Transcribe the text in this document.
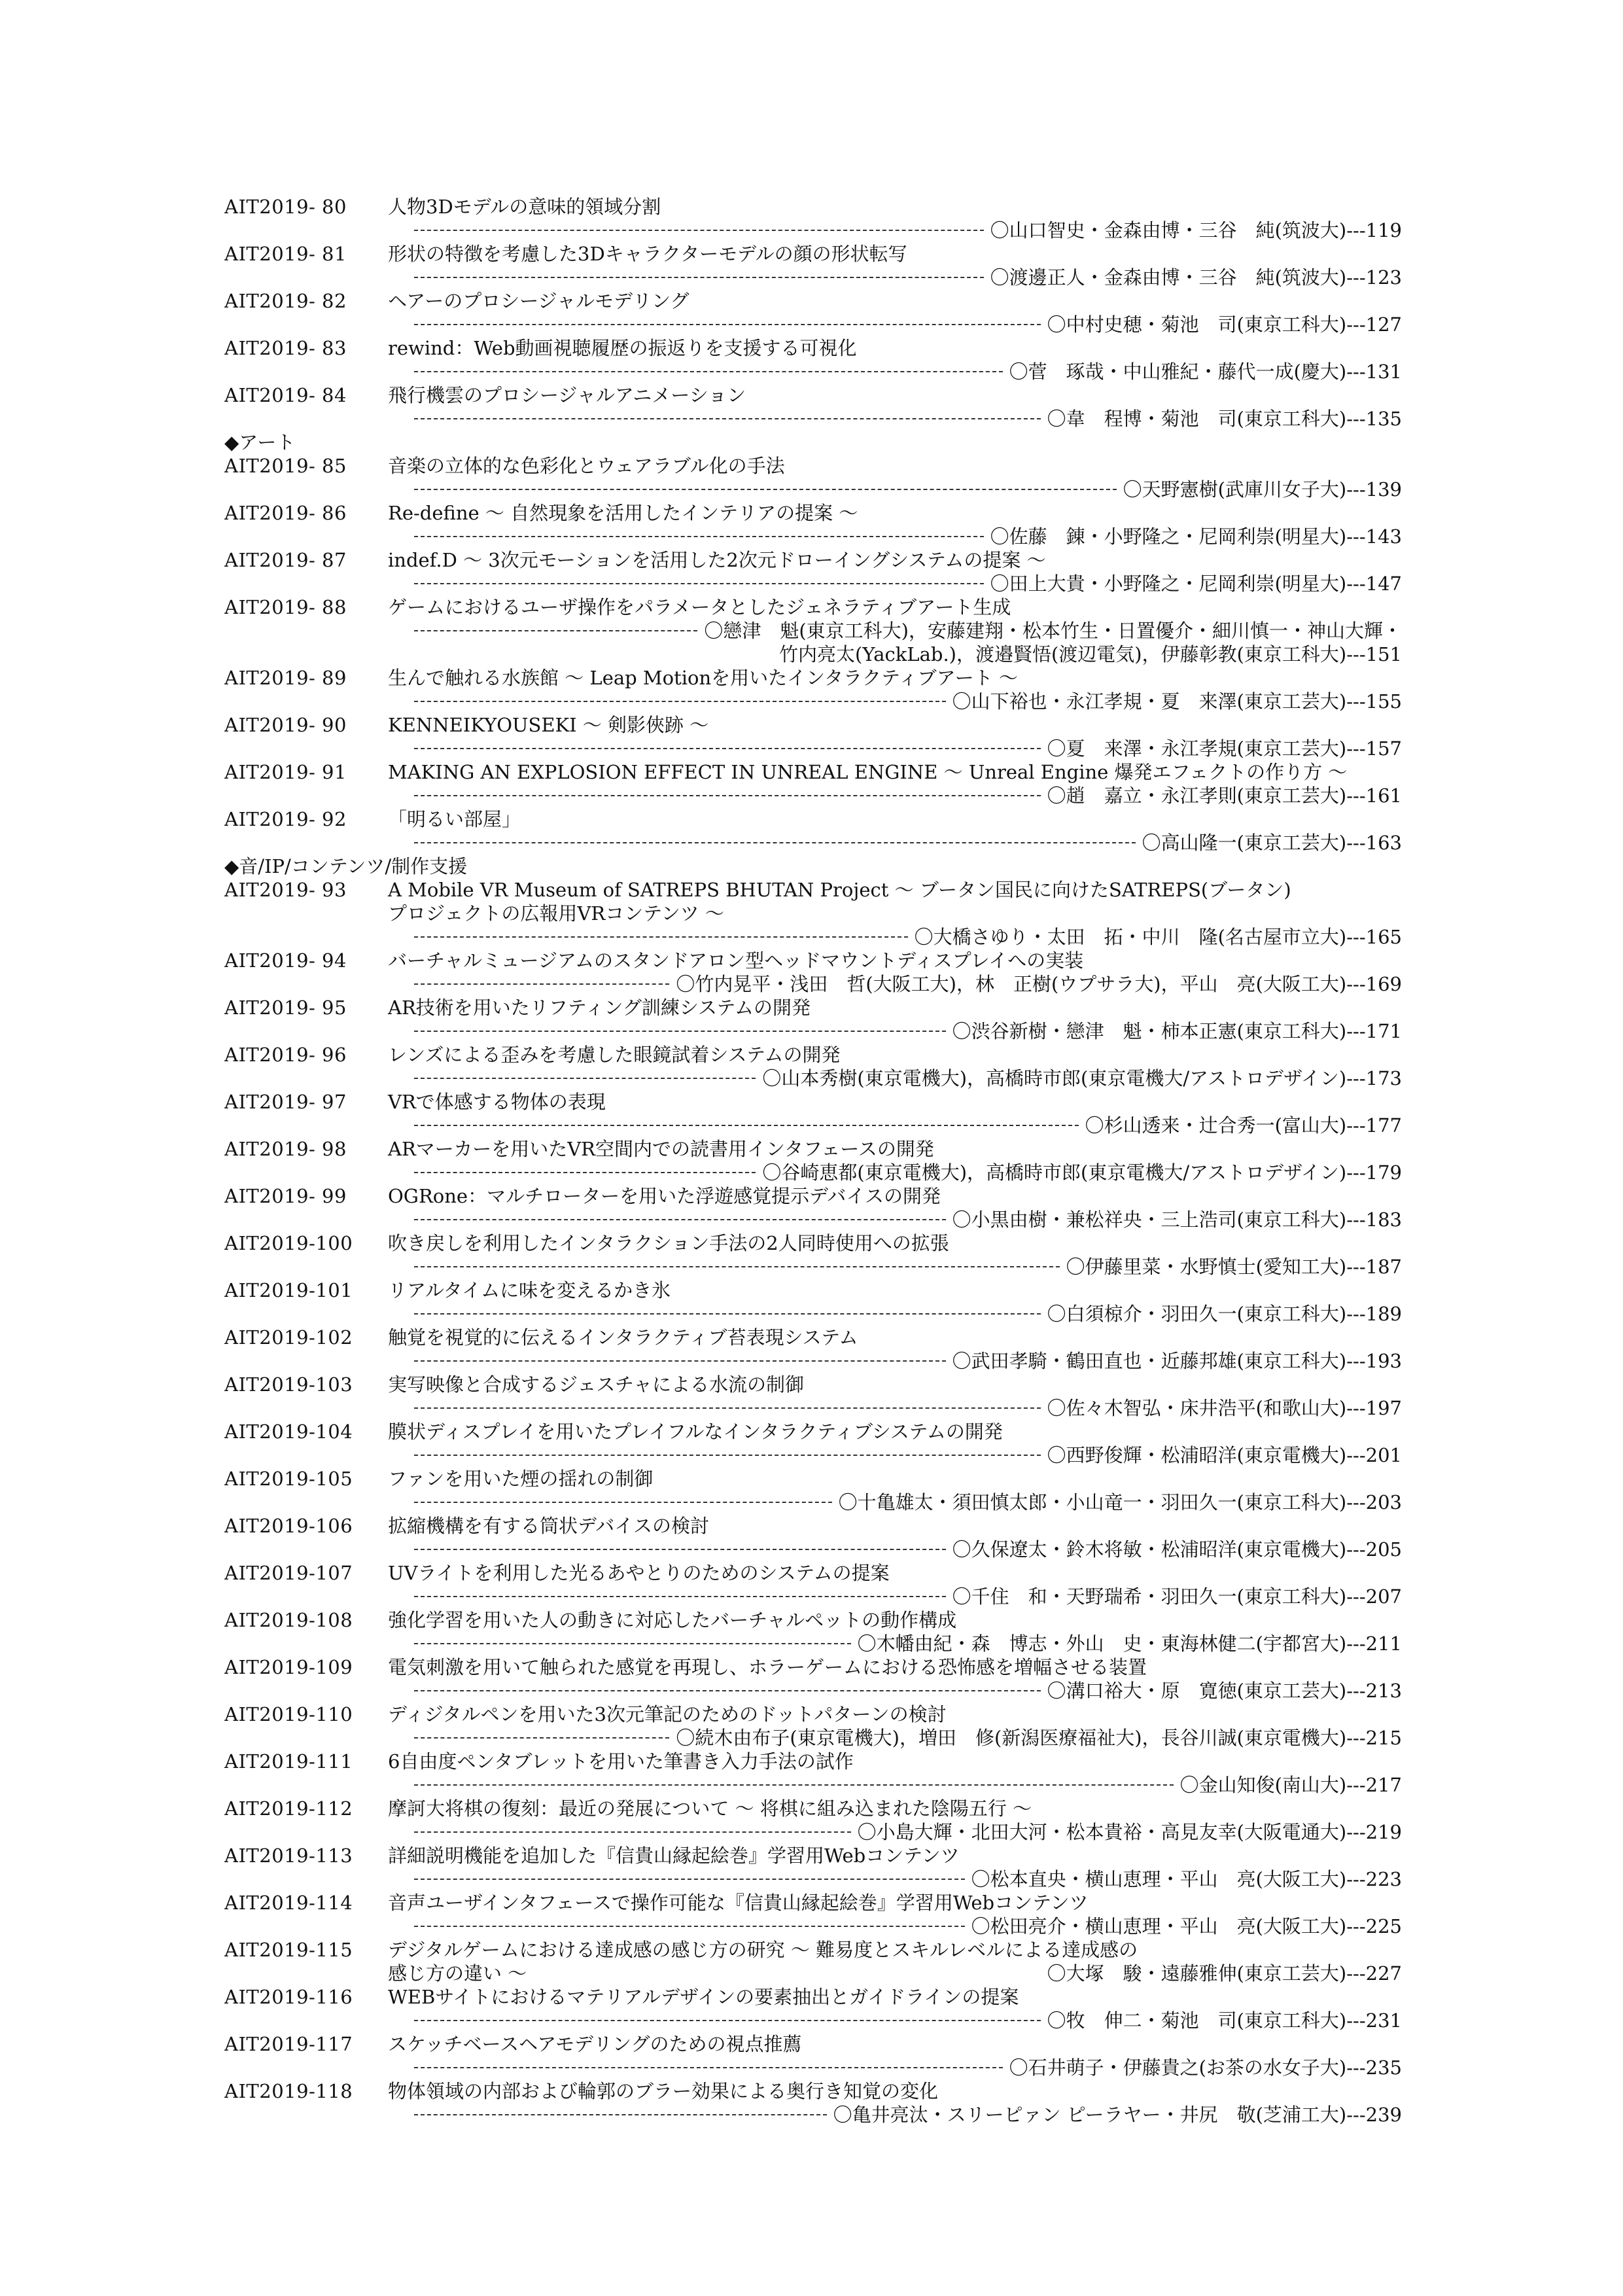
AIT2019- 80	人物3Dモデルの意味的領域分割
〇山口智史・金森由博・三谷　純(筑波大)---119
AIT2019- 81	形状の特徴を考慮した3Dキャラクターモデルの顔の形状転写
〇渡邊正人・金森由博・三谷　純(筑波大)---123
AIT2019- 82	ヘアーのプロシージャルモデリング
〇中村史穂・菊池　司(東京工科大)---127
AIT2019- 83	rewind：Web動画視聴履歴の振返りを支援する可視化
〇菅　琢哉・中山雅紀・藤代一成(慶大)---131
AIT2019- 84	飛行機雲のプロシージャルアニメーション
〇韋　程博・菊池　司(東京工科大)---135
◆アート
AIT2019- 85	音楽の立体的な色彩化とウェアラブル化の手法
〇天野憲樹(武庫川女子大)---139
AIT2019- 86	Re-define 〜 自然現象を活用したインテリアの提案 〜
〇佐藤　錬・小野隆之・尼岡利崇(明星大)---143
AIT2019- 87	indef.D 〜 3次元モーションを活用した2次元ドローイングシステムの提案 〜
〇田上大貴・小野隆之・尼岡利崇(明星大)---147
AIT2019- 88	ゲームにおけるユーザ操作をパラメータとしたジェネラティブアート生成
〇戀津　魁(東京工科大)，安藤建翔・松本竹生・日置優介・細川慎一・神山大輝・
竹内亮太(YackLab.)，渡邉賢悟(渡辺電気)，伊藤彰教(東京工科大)---151
AIT2019- 89	生んで触れる水族館 〜 Leap Motionを用いたインタラクティブアート 〜
〇山下裕也・永江孝規・夏　来澤(東京工芸大)---155
AIT2019- 90	KENNEIKYOUSEKI 〜 剣影俠跡 〜
〇夏　来澤・永江孝規(東京工芸大)---157
AIT2019- 91	MAKING AN EXPLOSION EFFECT IN UNREAL ENGINE 〜 Unreal Engine 爆発エフェクトの作り方 〜
〇趙　嘉立・永江孝則(東京工芸大)---161
AIT2019- 92	「明るい部屋」
〇高山隆一(東京工芸大)---163
◆音/IP/コンテンツ/制作支援
AIT2019- 93	A Mobile VR Museum of SATREPS BHUTAN Project 〜 ブータン国民に向けたSATREPS(ブータン)
プロジェクトの広報用VRコンテンツ 〜
〇大橋さゆり・太田　拓・中川　隆(名古屋市立大)---165
AIT2019- 94	バーチャルミュージアムのスタンドアロン型ヘッドマウントディスプレイへの実装
〇竹内晃平・浅田　哲(大阪工大)，林　正樹(ウプサラ大)，平山　亮(大阪工大)---169
AIT2019- 95	AR技術を用いたリフティング訓練システムの開発
〇渋谷新樹・戀津　魁・柿本正憲(東京工科大)---171
AIT2019- 96	レンズによる歪みを考慮した眼鏡試着システムの開発
〇山本秀樹(東京電機大)，高橋時市郎(東京電機大/アストロデザイン)---173
AIT2019- 97	VRで体感する物体の表現
〇杉山透来・辻合秀一(富山大)---177
AIT2019- 98	ARマーカーを用いたVR空間内での読書用インタフェースの開発
〇谷崎恵都(東京電機大)，高橋時市郎(東京電機大/アストロデザイン)---179
AIT2019- 99	OGRone：マルチローターを用いた浮遊感覚提示デバイスの開発
〇小黒由樹・兼松祥央・三上浩司(東京工科大)---183
AIT2019-100	吹き戻しを利用したインタラクション手法の2人同時使用への拡張
〇伊藤里菜・水野慎士(愛知工大)---187
AIT2019-101	リアルタイムに味を変えるかき氷
〇白須椋介・羽田久一(東京工科大)---189
AIT2019-102	触覚を視覚的に伝えるインタラクティブ苔表現システム
〇武田孝騎・鶴田直也・近藤邦雄(東京工科大)---193
AIT2019-103	実写映像と合成するジェスチャによる水流の制御
〇佐々木智弘・床井浩平(和歌山大)---197
AIT2019-104	膜状ディスプレイを用いたプレイフルなインタラクティブシステムの開発
〇西野俊輝・松浦昭洋(東京電機大)---201
AIT2019-105	ファンを用いた煙の揺れの制御
〇十亀雄太・須田慎太郎・小山竜一・羽田久一(東京工科大)---203
AIT2019-106	拡縮機構を有する筒状デバイスの検討
〇久保遼太・鈴木将敏・松浦昭洋(東京電機大)---205
AIT2019-107	UVライトを利用した光るあやとりのためのシステムの提案
〇千住　和・天野瑞希・羽田久一(東京工科大)---207
AIT2019-108	強化学習を用いた人の動きに対応したバーチャルペットの動作構成
〇木幡由紀・森　博志・外山　史・東海林健二(宇都宮大)---211
AIT2019-109	電気刺激を用いて触られた感覚を再現し、ホラーゲームにおける恐怖感を増幅させる装置
〇溝口裕大・原　寛徳(東京工芸大)---213
AIT2019-110	ディジタルペンを用いた3次元筆記のためのドットパターンの検討
〇続木由布子(東京電機大)，増田　修(新潟医療福祉大)，長谷川誠(東京電機大)---215
AIT2019-111	6自由度ペンタブレットを用いた筆書き入力手法の試作
〇金山知俊(南山大)---217
AIT2019-112	摩訶大将棋の復刻：最近の発展について 〜 将棋に組み込まれた陰陽五行 〜
〇小島大輝・北田大河・松本貴裕・高見友幸(大阪電通大)---219
AIT2019-113	詳細説明機能を追加した『信貴山縁起絵巻』学習用Webコンテンツ
〇松本直央・横山恵理・平山　亮(大阪工大)---223
AIT2019-114	音声ユーザインタフェースで操作可能な『信貴山縁起絵巻』学習用Webコンテンツ
〇松田亮介・横山恵理・平山　亮(大阪工大)---225
AIT2019-115	デジタルゲームにおける達成感の感じ方の研究 〜 難易度とスキルレベルによる達成感の
感じ方の違い 〜	〇大塚　駿・遠藤雅伸(東京工芸大)---227
AIT2019-116	WEBサイトにおけるマテリアルデザインの要素抽出とガイドラインの提案
〇牧　伸二・菊池　司(東京工科大)---231
AIT2019-117	スケッチベースヘアモデリングのための視点推薦
〇石井萌子・伊藤貴之(お茶の水女子大)---235
AIT2019-118	物体領域の内部および輪郭のブラー効果による奥行き知覚の変化
〇亀井亮汰・スリーピァン ピーラヤー・井尻　敬(芝浦工大)---239
